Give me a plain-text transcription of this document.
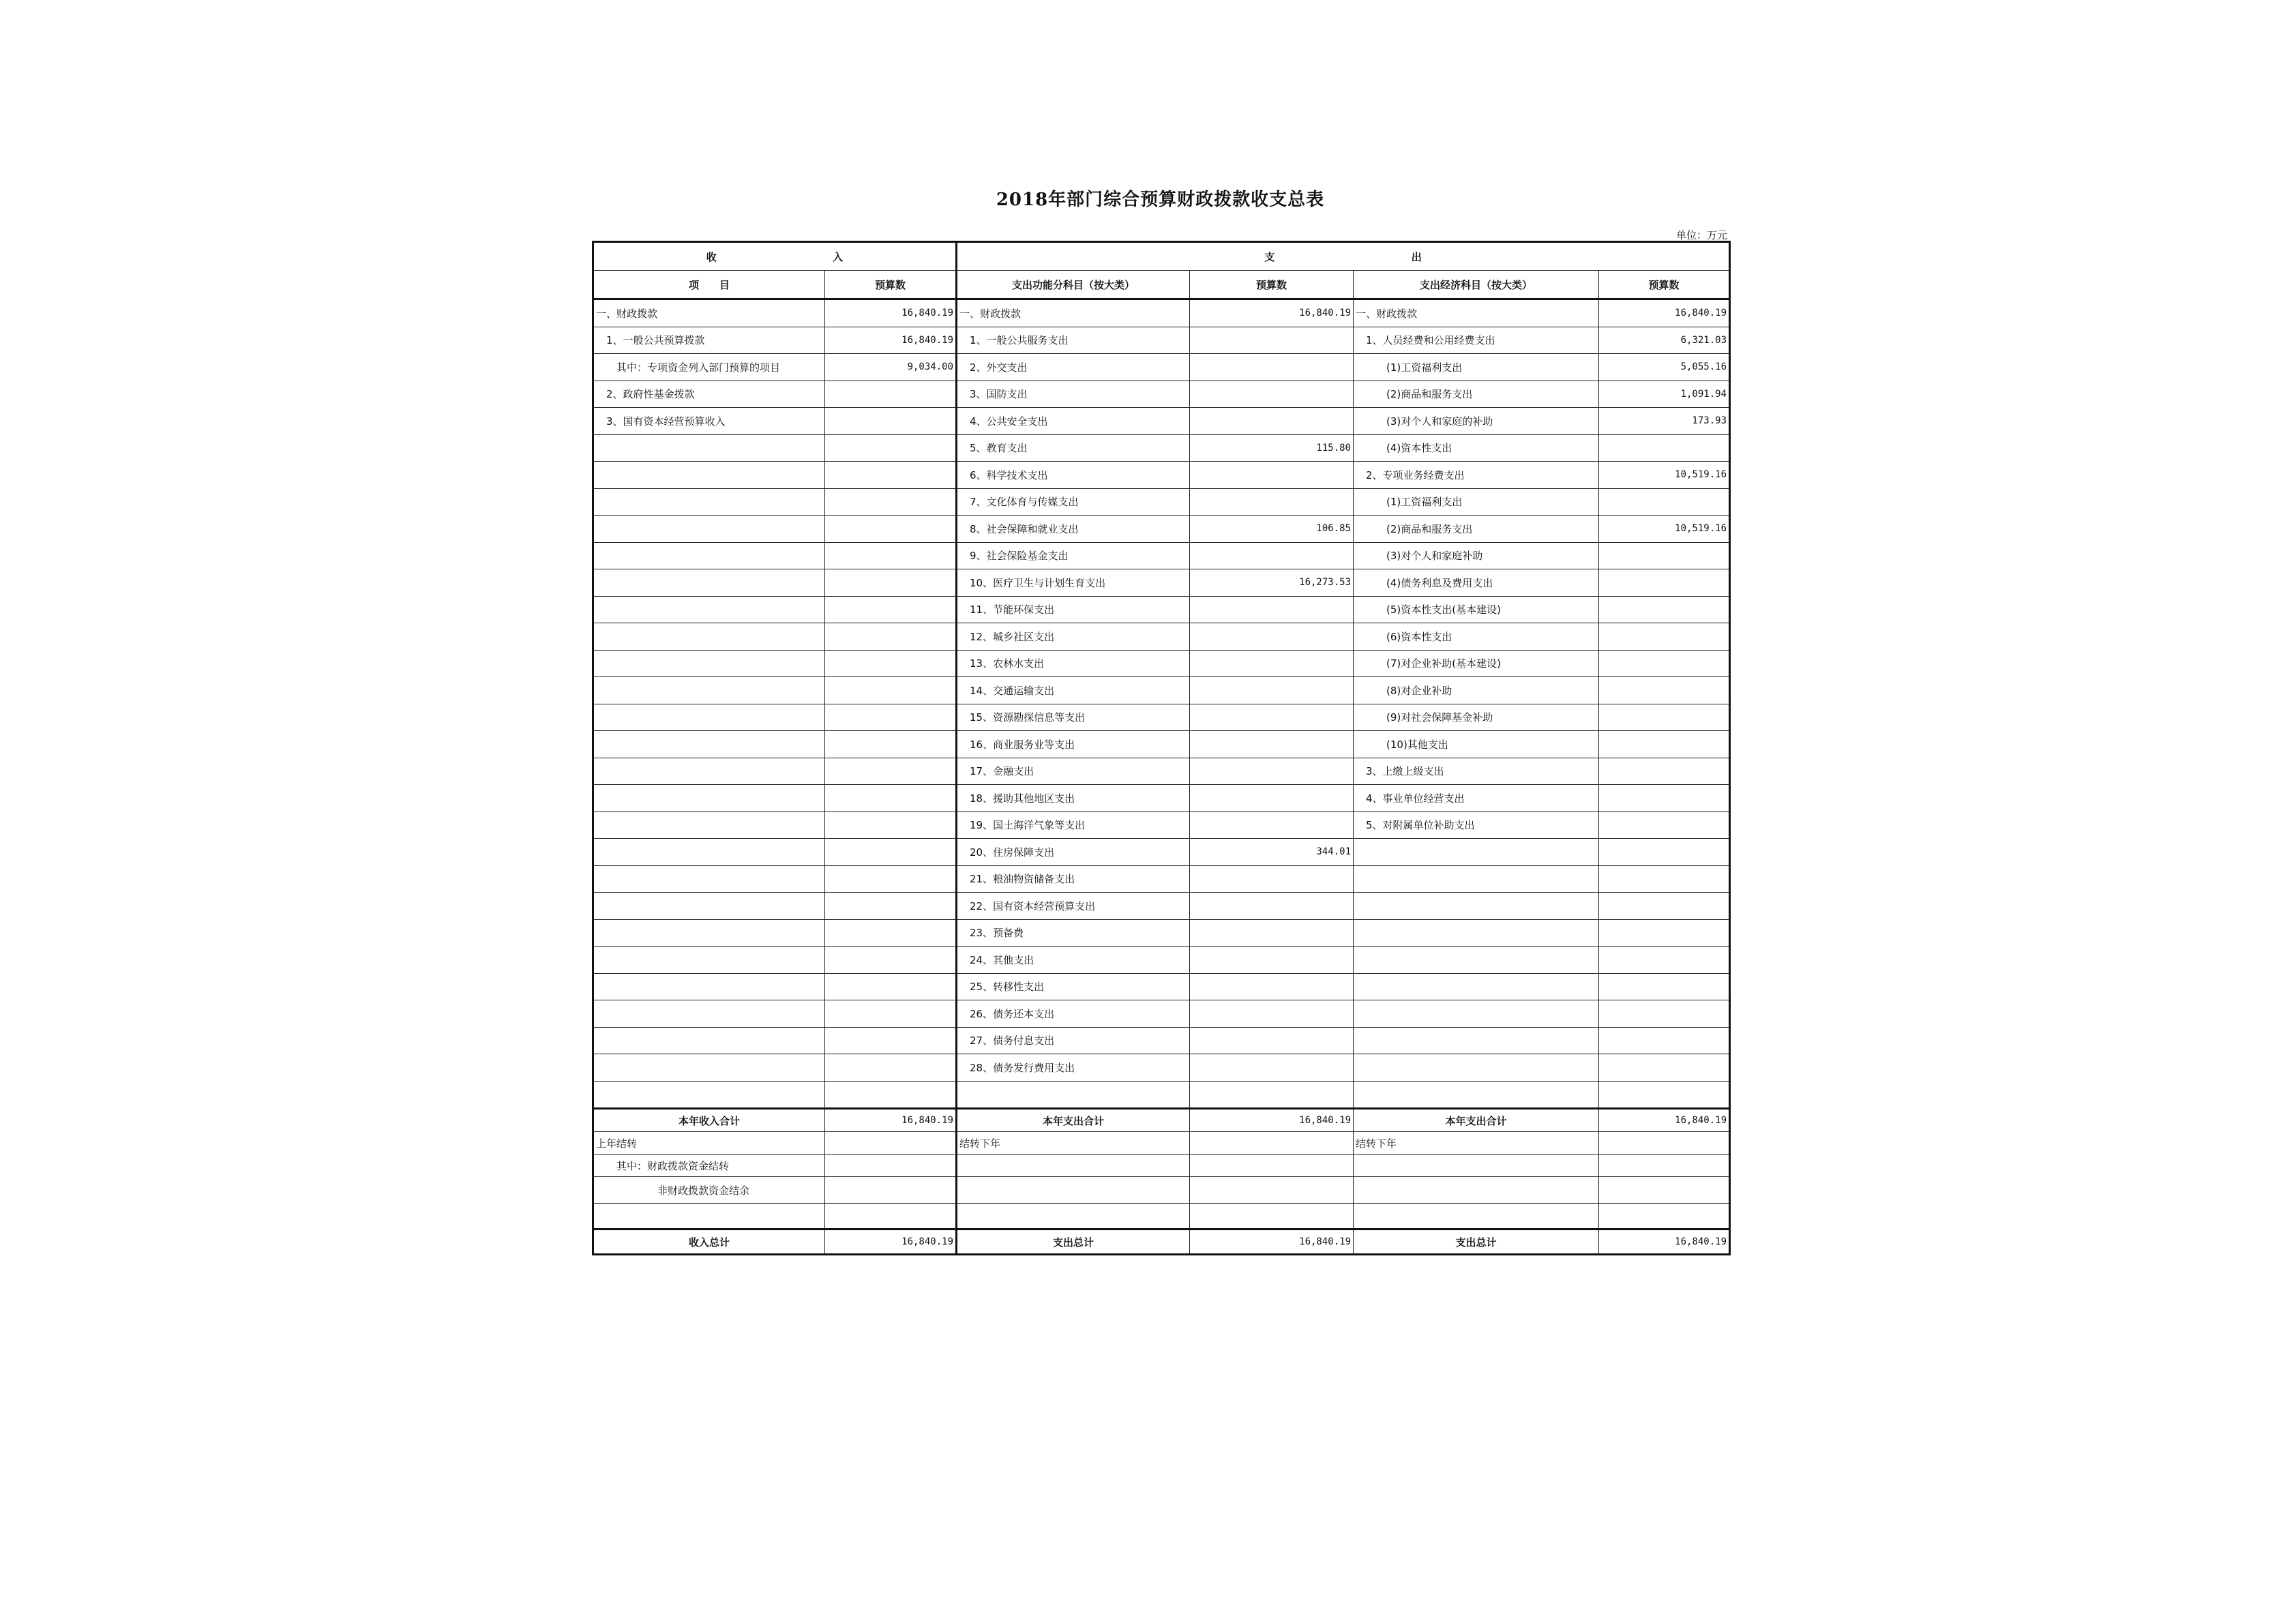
2018年部门综合预算财政拨款收支总表
单位：万元
收 入		支 出			
项　　目	预算数	支出功能分科目（按大类）	预算数	支出经济科目（按大类）	预算数
一、财政拨款	16,840.19	一、财政拨款	16,840.19	一、财政拨款	16,840.19
　1、一般公共预算拨款	16,840.19	　1、一般公共服务支出		　1、人员经费和公用经费支出	6,321.03
　　其中：专项资金列入部门预算的项目	9,034.00	　2、外交支出		　　　(1)工资福利支出	5,055.16
　2、政府性基金拨款		　3、国防支出		　　　(2)商品和服务支出	1,091.94
　3、国有资本经营预算收入		　4、公共安全支出		　　　(3)对个人和家庭的补助	173.93
		　5、教育支出	115.80	　　　(4)资本性支出	
		　6、科学技术支出		　2、专项业务经费支出	10,519.16
		　7、文化体育与传媒支出		　　　(1)工资福利支出	
		　8、社会保障和就业支出	106.85	　　　(2)商品和服务支出	10,519.16
		　9、社会保险基金支出		　　　(3)对个人和家庭补助	
		　10、医疗卫生与计划生育支出	16,273.53	　　　(4)债务利息及费用支出	
		　11、节能环保支出		　　　(5)资本性支出(基本建设)	
		　12、城乡社区支出		　　　(6)资本性支出	
		　13、农林水支出		　　　(7)对企业补助(基本建设)	
		　14、交通运输支出		　　　(8)对企业补助	
		　15、资源勘探信息等支出		　　　(9)对社会保障基金补助	
		　16、商业服务业等支出		　　　(10)其他支出	
		　17、金融支出		　3、上缴上级支出	
		　18、援助其他地区支出		　4、事业单位经营支出	
		　19、国土海洋气象等支出		　5、对附属单位补助支出	
		　20、住房保障支出	344.01		
		　21、粮油物资储备支出			
		　22、国有资本经营预算支出			
		　23、预备费			
		　24、其他支出			
		　25、转移性支出			
		　26、债务还本支出			
		　27、债务付息支出			
		　28、债务发行费用支出			

本年收入合计	16,840.19	本年支出合计	16,840.19	本年支出合计	16,840.19
上年结转		结转下年		结转下年	
　　其中：财政拨款资金结转					
　　　　　　非财政拨款资金结余					

收入总计	16,840.19	支出总计	16,840.19	支出总计	16,840.19
